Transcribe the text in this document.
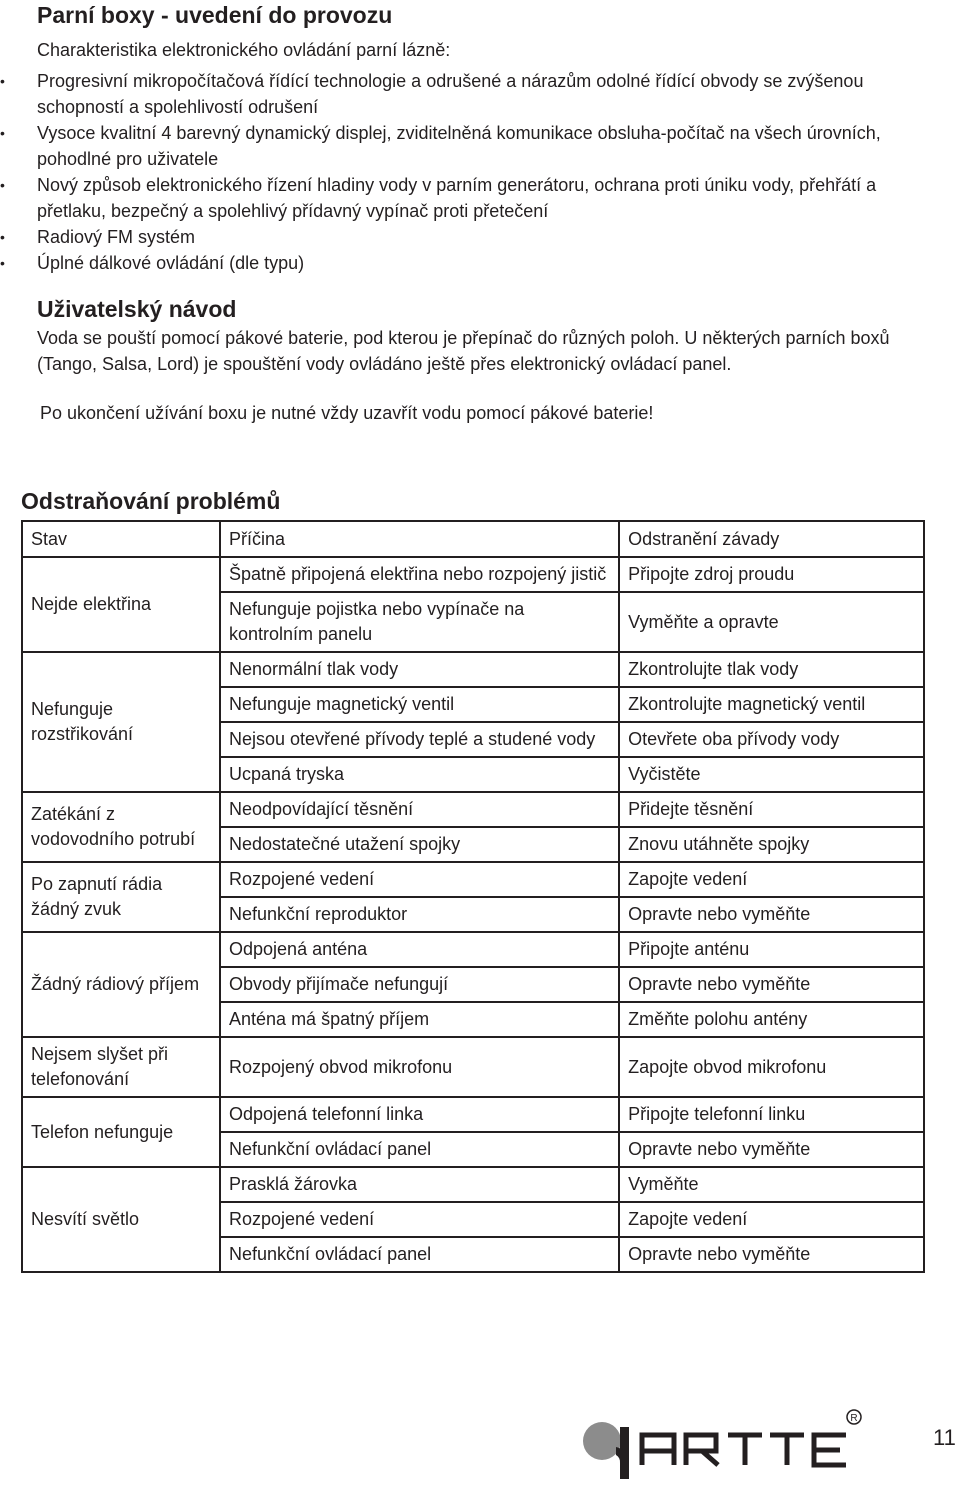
Parní boxy - uvedení do provozu
Charakteristika elektronického ovládání parní lázně:
•	Progresivní mikropočítačová řídící technologie a odrušené a nárazům odolné řídící obvody se zvýšenou schopností a spolehlivostí odrušení
•	Vysoce kvalitní 4 barevný dynamický displej, zviditelněná komunikace obsluha-počítač na všech úrovních, pohodlné pro uživatele
•	Nový způsob elektronického řízení hladiny vody v parním generátoru, ochrana proti úniku vody, přehřátí a přetlaku, bezpečný a spolehlivý přídavný vypínač proti přetečení
•	Radiový FM systém
•	Úplné dálkové ovládání (dle typu)
Uživatelský návod
Voda se pouští pomocí pákové baterie, pod kterou je přepínač do různých poloh. U některých parních boxů (Tango, Salsa, Lord) je spouštění vody ovládáno ještě přes elektronický ovládací panel.
Po ukončení užívání boxu je nutné vždy uzavřít vodu pomocí pákové baterie!
Odstraňování problémů
Stav	Příčina	Odstranění závady
Nejde elektřina	Špatně připojená elektřina nebo rozpojený jistič	Připojte zdroj proudu
	Nefunguje pojistka nebo vypínače na kontrolním panelu	Vyměňte a opravte
Nefunguje rozstřikování	Nenormální tlak vody	Zkontrolujte tlak vody
	Nefunguje magnetický ventil	Zkontrolujte magnetický ventil
	Nejsou otevřené přívody teplé a studené vody	Otevřete oba přívody vody
	Ucpaná tryska	Vyčistěte
Zatékání z vodovodního potrubí	Neodpovídající těsnění	Přidejte těsnění
	Nedostatečné utažení spojky	Znovu utáhněte spojky
Po zapnutí rádia žádný zvuk	Rozpojené vedení	Zapojte vedení
	Nefunkční reproduktor	Opravte nebo vyměňte
Žádný rádiový příjem	Odpojená anténa	Připojte anténu
	Obvody přijímače nefungují	Opravte nebo vyměňte
	Anténa má špatný příjem	Změňte polohu antény
Nejsem slyšet při telefonování	Rozpojený obvod mikrofonu	Zapojte obvod mikrofonu
Telefon nefunguje	Odpojená telefonní linka	Připojte telefonní linku
	Nefunkční ovládací panel	Opravte nebo vyměňte
Nesvítí světlo	Prasklá žárovka	Vyměňte
	Rozpojené vedení	Zapojte vedení
	Nefunkční ovládací panel	Opravte nebo vyměňte
R
ARTTEC
11
